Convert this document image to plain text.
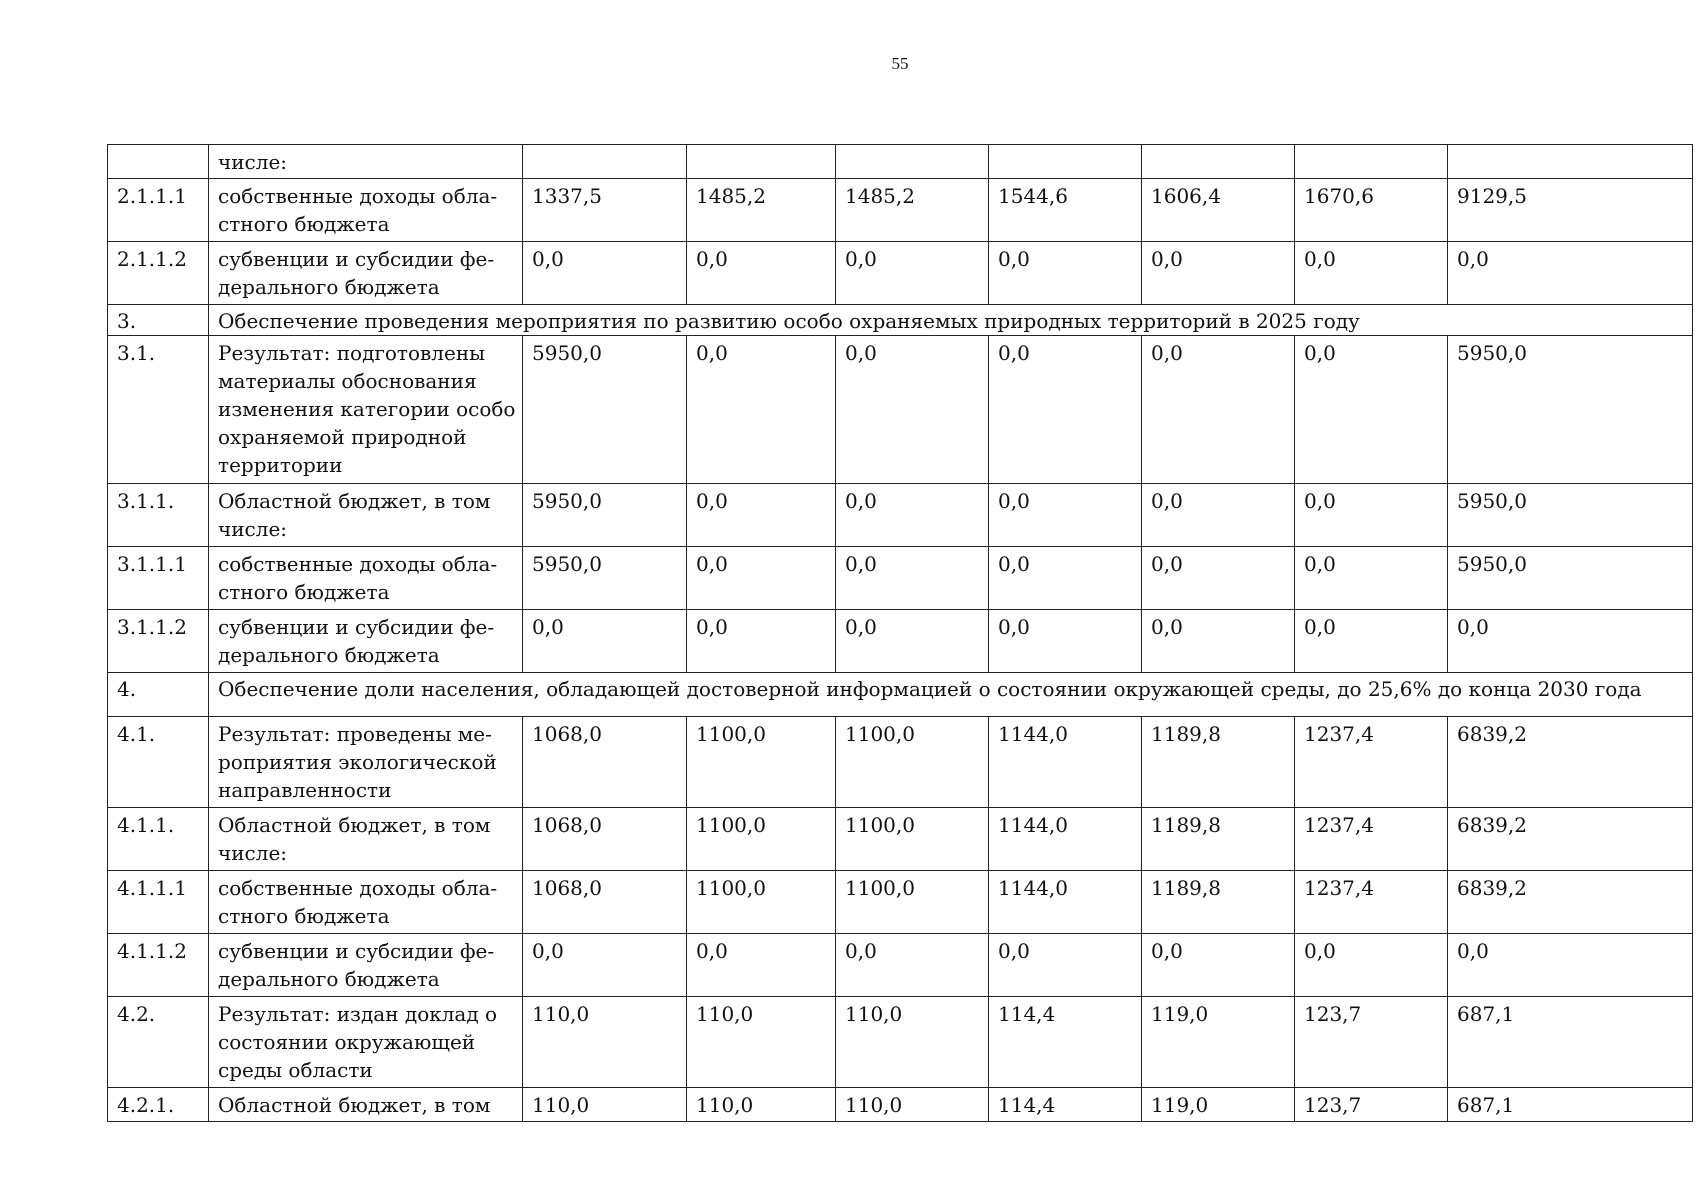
55
	числе:							
2.1.1.1	собственные доходы обла-стного бюджета	1337,5	1485,2	1485,2	1544,6	1606,4	1670,6	9129,5
2.1.1.2	субвенции и субсидии фе-дерального бюджета	0,0	0,0	0,0	0,0	0,0	0,0	0,0
3.	Обеспечение проведения мероприятия по развитию особо охраняемых природных территорий в 2025 году							
3.1.	Результат: подготовлены материалы обоснования изменения категории особо охраняемой природной территории	5950,0	0,0	0,0	0,0	0,0	0,0	5950,0
3.1.1.	Областной бюджет, в том числе:	5950,0	0,0	0,0	0,0	0,0	0,0	5950,0
3.1.1.1	собственные доходы обла-стного бюджета	5950,0	0,0	0,0	0,0	0,0	0,0	5950,0
3.1.1.2	субвенции и субсидии фе-дерального бюджета	0,0	0,0	0,0	0,0	0,0	0,0	0,0
4.	Обеспечение доли населения, обладающей достоверной информацией о состоянии окружающей среды, до 25,6% до конца 2030 года							
4.1.	Результат: проведены ме-роприятия экологической направленности	1068,0	1100,0	1100,0	1144,0	1189,8	1237,4	6839,2
4.1.1.	Областной бюджет, в том числе:	1068,0	1100,0	1100,0	1144,0	1189,8	1237,4	6839,2
4.1.1.1	собственные доходы обла-стного бюджета	1068,0	1100,0	1100,0	1144,0	1189,8	1237,4	6839,2
4.1.1.2	субвенции и субсидии фе-дерального бюджета	0,0	0,0	0,0	0,0	0,0	0,0	0,0
4.2.	Результат: издан доклад о состоянии окружающей среды области	110,0	110,0	110,0	114,4	119,0	123,7	687,1
4.2.1.	Областной бюджет, в том	110,0	110,0	110,0	114,4	119,0	123,7	687,1
